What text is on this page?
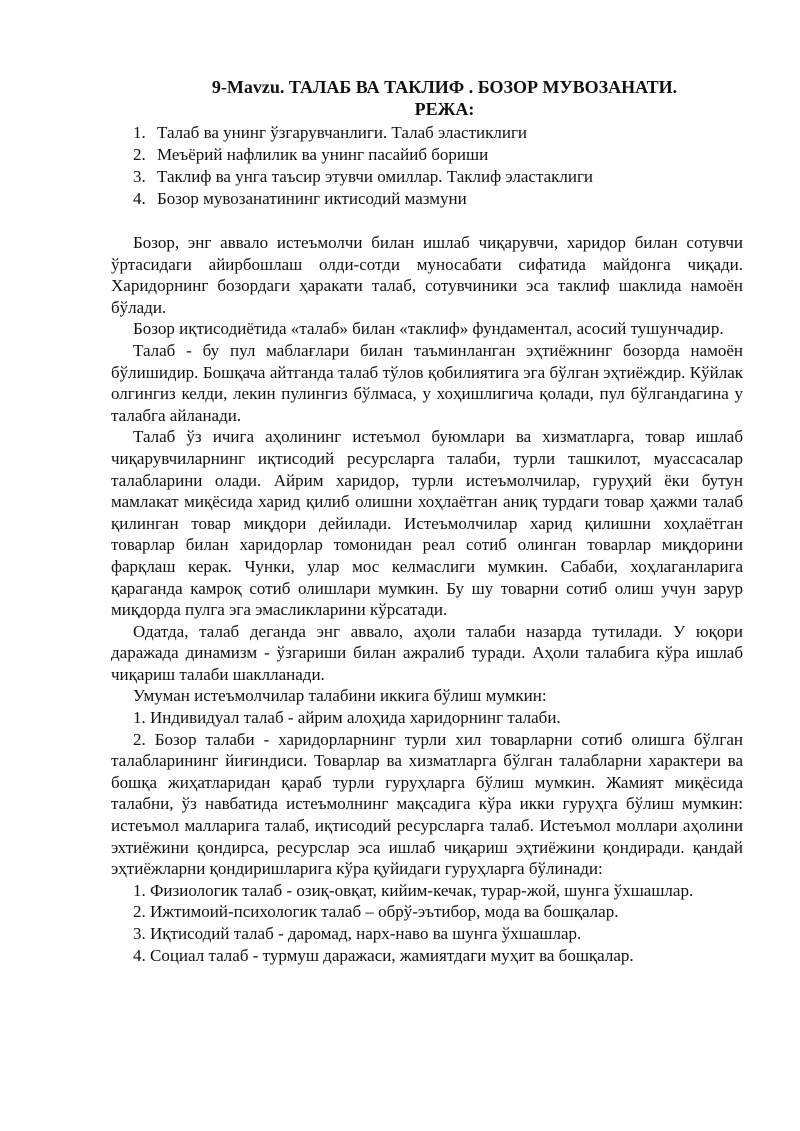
9-Mavzu. ТАЛАБ ВА ТАКЛИФ . БОЗОР МУВОЗАНАТИ.
РЕЖА:
1. Талаб ва унинг ўзгарувчанлиги. Талаб эластиклиги
2. Меъёрий нафлилик ва унинг пасайиб бориши
3. Таклиф ва унга таъсир этувчи омиллар. Таклиф эластаклиги
4. Бозор мувозанатининг иктисодий мазмуни

Бозор, энг аввало истеъмолчи билан ишлаб чиқарувчи, харидор билан сотувчи ўртасидаги айирбошлаш олди-сотди муносабати сифатида майдонга чиқади. Харидорнинг бозордаги ҳаракати талаб, сотувчиники эса таклиф шаклида намоён бўлади.

Бозор иқтисодиётида «талаб» билан «таклиф» фундаментал, асосий тушунчадир.

Талаб - бу пул маблағлари билан таъминланган эҳтиёжнинг бозорда намоён бўлишидир. Бошқача айтганда талаб тўлов қобилиятига эга бўлган эҳтиёждир. Кўйлак олгингиз келди, лекин пулингиз бўлмаса, у хоҳишлигича қолади, пул бўлгандагина у талабга айланади.

Талаб ўз ичига аҳолининг истеъмол буюмлари ва хизматларга, товар ишлаб чиқарувчиларнинг иқтисодий ресурсларга талаби, турли ташкилот, муассасалар талабларини олади. Айрим харидор, турли истеъмолчилар, гуруҳий ёки бутун мамлакат миқёсида харид қилиб олишни хоҳлаётган аниқ турдаги товар ҳажми талаб қилинган товар миқдори дейилади. Истеъмолчилар харид қилишни хоҳлаётган товарлар билан харидорлар томонидан реал сотиб олинган товарлар миқдорини фарқлаш керак. Чунки, улар мос келмаслиги мумкин. Сабаби, хоҳлаганларига қараганда камроқ сотиб олишлари мумкин. Бу шу товарни сотиб олиш учун зарур миқдорда пулга эга эмасликларини кўрсатади.

Одатда, талаб деганда энг аввало, аҳоли талаби назарда тутилади. У юқори даражада динамизм - ўзгариши билан ажралиб туради. Аҳоли талабига кўра ишлаб чиқариш талаби шаклланади.

Умуман истеъмолчилар талабини иккига бўлиш мумкин:

1. Индивидуал талаб - айрим алоҳида харидорнинг талаби.

2. Бозор талаби - харидорларнинг турли хил товарларни сотиб олишга бўлган талабларининг йиғиндиси. Товарлар ва хизматларга бўлган талабларни характери ва бошқа жиҳатларидан қараб турли гуруҳларга бўлиш мумкин. Жамият миқёсида талабни, ўз навбатида истеъмолнинг мақсадига кўра икки гуруҳга бўлиш мумкин: истеъмол малларига талаб, иқтисодий ресурсларга талаб. Истеъмол моллари аҳолини эхтиёжини қондирса, ресурслар эса ишлаб чиқариш эҳтиёжини қондиради. қандай эҳтиёжларни қондиришларига кўра қуйидаги гуруҳларга бўлинади:

1. Физиологик талаб - озиқ-овқат, кийим-кечак, турар-жой, шунга ўхшашлар.

2. Ижтимоий-психологик талаб – обрў-эътибор, мода ва бошқалар.

3. Иқтисодий талаб - даромад, нарх-наво ва шунга ўхшашлар.

4. Социал талаб - турмуш даражаси, жамиятдаги муҳит ва бошқалар.
